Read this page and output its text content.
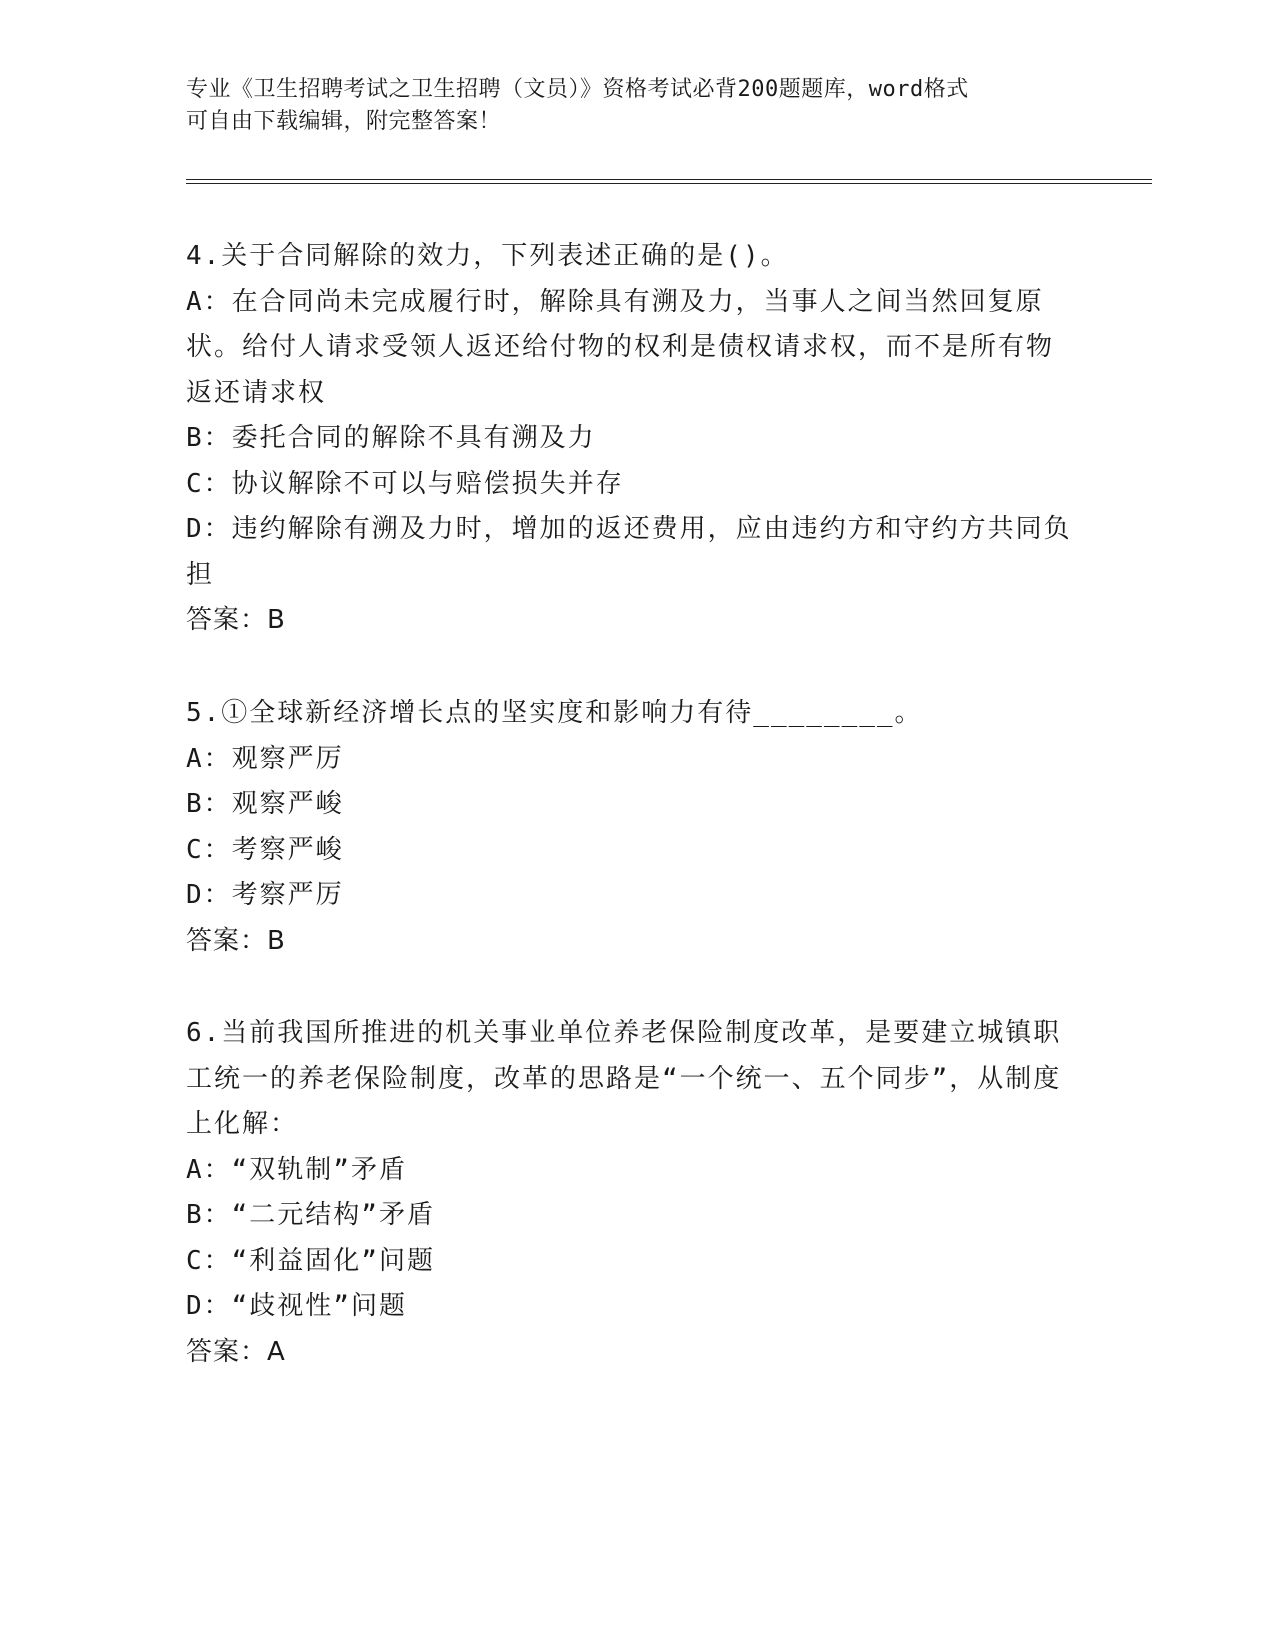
专业《卫生招聘考试之卫生招聘（文员）》资格考试必背200题题库，word格式
可自由下载编辑，附完整答案！
4.关于合同解除的效力，下列表述正确的是()。
A：在合同尚未完成履行时，解除具有溯及力，当事人之间当然回复原状。给付人请求受领人返还给付物的权利是债权请求权，而不是所有物返还请求权
B：委托合同的解除不具有溯及力
C：协议解除不可以与赔偿损失并存
D：违约解除有溯及力时，增加的返还费用，应由违约方和守约方共同负担
答案：B
5.①全球新经济增长点的坚实度和影响力有待________。
A：观察严厉
B：观察严峻
C：考察严峻
D：考察严厉
答案：B
6.当前我国所推进的机关事业单位养老保险制度改革，是要建立城镇职工统一的养老保险制度，改革的思路是“一个统一、五个同步”，从制度上化解：
A：“双轨制”矛盾
B：“二元结构”矛盾
C：“利益固化”问题
D：“歧视性”问题
答案：A
